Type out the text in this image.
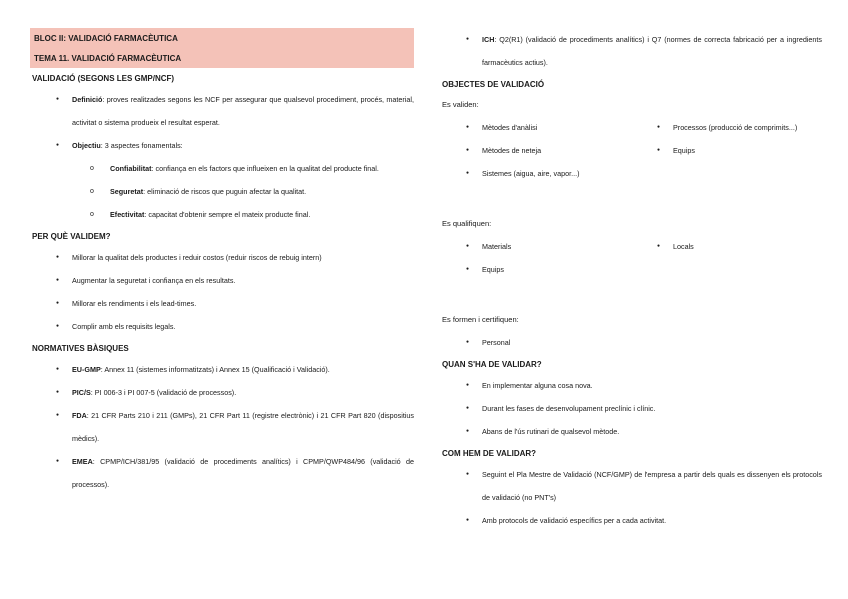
BLOC II: VALIDACIÓ FARMACÈUTICA
TEMA 11. VALIDACIÓ FARMACÈUTICA
VALIDACIÓ (SEGONS LES GMP/NCF)
● Definició: proves realitzades segons les NCF per assegurar que qualsevol procediment, procés, material, activitat o sistema produeix el resultat esperat.
● Objectiu: 3 aspectes fonamentals:
o Confiabilitat: confiança en els factors que influeixen en la qualitat del producte final.
o Seguretat: eliminació de riscos que puguin afectar la qualitat.
o Efectivitat: capacitat d'obtenir sempre el mateix producte final.
PER QUÈ VALIDEM?
● Millorar la qualitat dels productes i reduir costos (reduir riscos de rebuig intern)
● Augmentar la seguretat i confiança en els resultats.
● Millorar els rendiments i els lead-times.
● Complir amb els requisits legals.
NORMATIVES BÀSIQUES
● EU-GMP: Annex 11 (sistemes informatitzats) i Annex 15 (Qualificació i Validació).
● PIC/S: PI 006-3 i PI 007-5 (validació de processos).
● FDA: 21 CFR Parts 210 i 211 (GMPs), 21 CFR Part 11 (registre electrònic) i 21 CFR Part 820 (dispositius mèdics).
● EMEA: CPMP/ICH/381/95 (validació de procediments analítics) i CPMP/QWP484/96 (validació de processos).
● ICH: Q2(R1) (validació de procediments analítics) i Q7 (normes de correcta fabricació per a ingredients farmacèutics actius).
OBJECTES DE VALIDACIÓ
Es validen:
● Mètodes d'anàlisi
● Mètodes de neteja
● Sistemes (aigua, aire, vapor...)
● Processos (producció de comprimits...)
● Equips
Es qualifiquen:
● Materials
● Equips
● Locals
Es formen i certifiquen:
● Personal
QUAN S'HA DE VALIDAR?
● En implementar alguna cosa nova.
● Durant les fases de desenvolupament preclínic i clínic.
● Abans de l'ús rutinari de qualsevol mètode.
COM HEM DE VALIDAR?
● Seguint el Pla Mestre de Validació (NCF/GMP) de l'empresa a partir dels quals es dissenyen els protocols de validació (no PNT's)
● Amb protocols de validació específics per a cada activitat.
